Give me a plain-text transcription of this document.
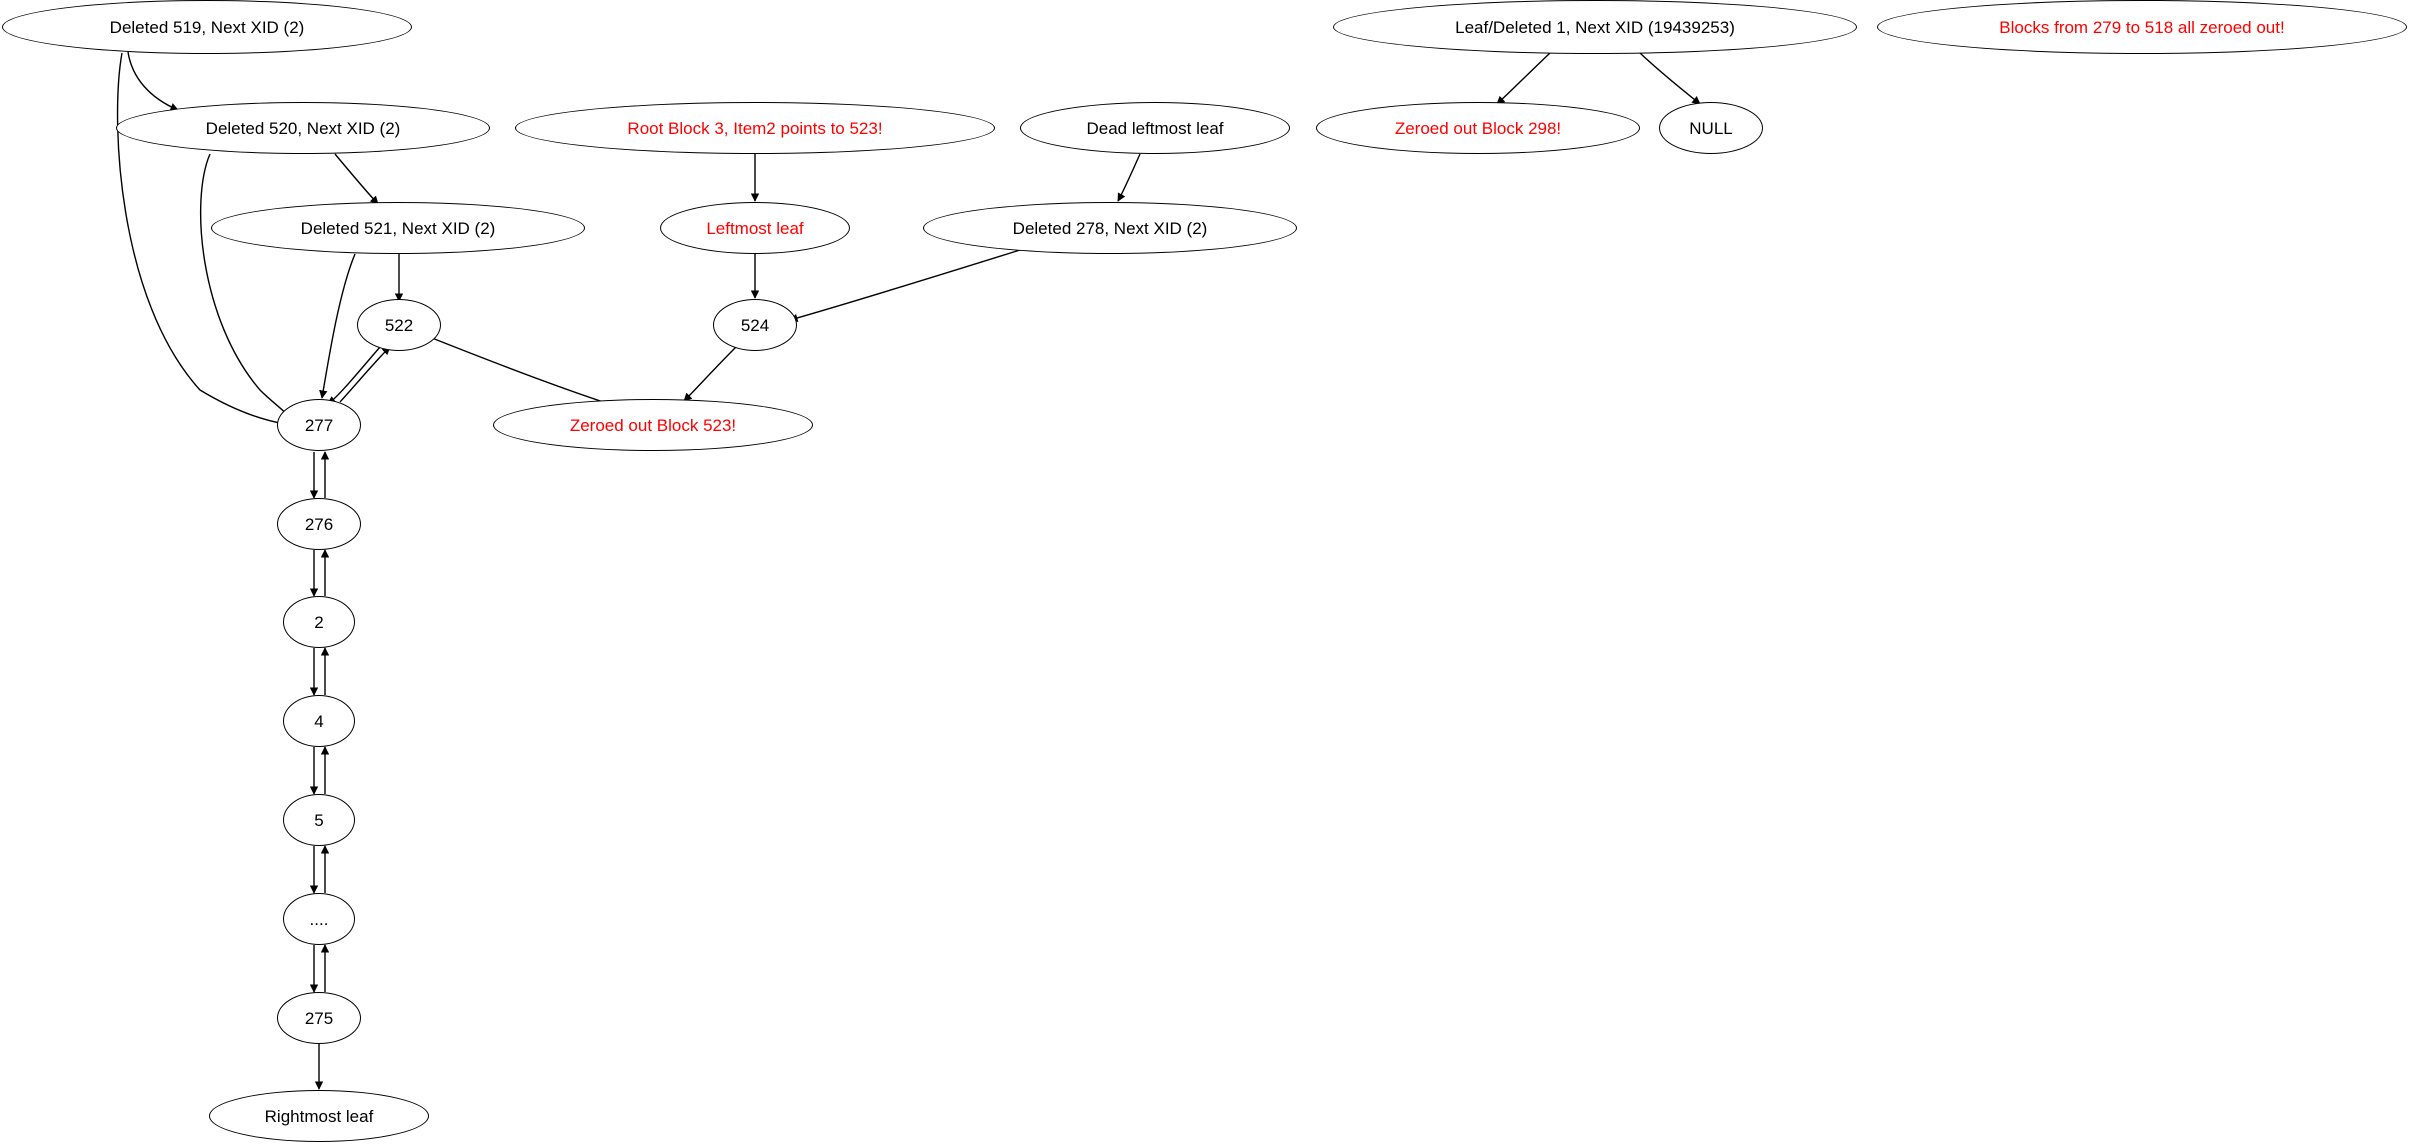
Deleted 519, Next XID (2)
Deleted 520, Next XID (2)
Deleted 521, Next XID (2)
522
277
276
2
4
5
....
275
Rightmost leaf
Root Block 3, Item2 points to 523!
Leftmost leaf
524
Zeroed out Block 523!
Dead leftmost leaf
Deleted 278, Next XID (2)
Leaf/Deleted 1, Next XID (19439253)
Zeroed out Block 298!	NULL
Blocks from 279 to 518 all zeroed out!
